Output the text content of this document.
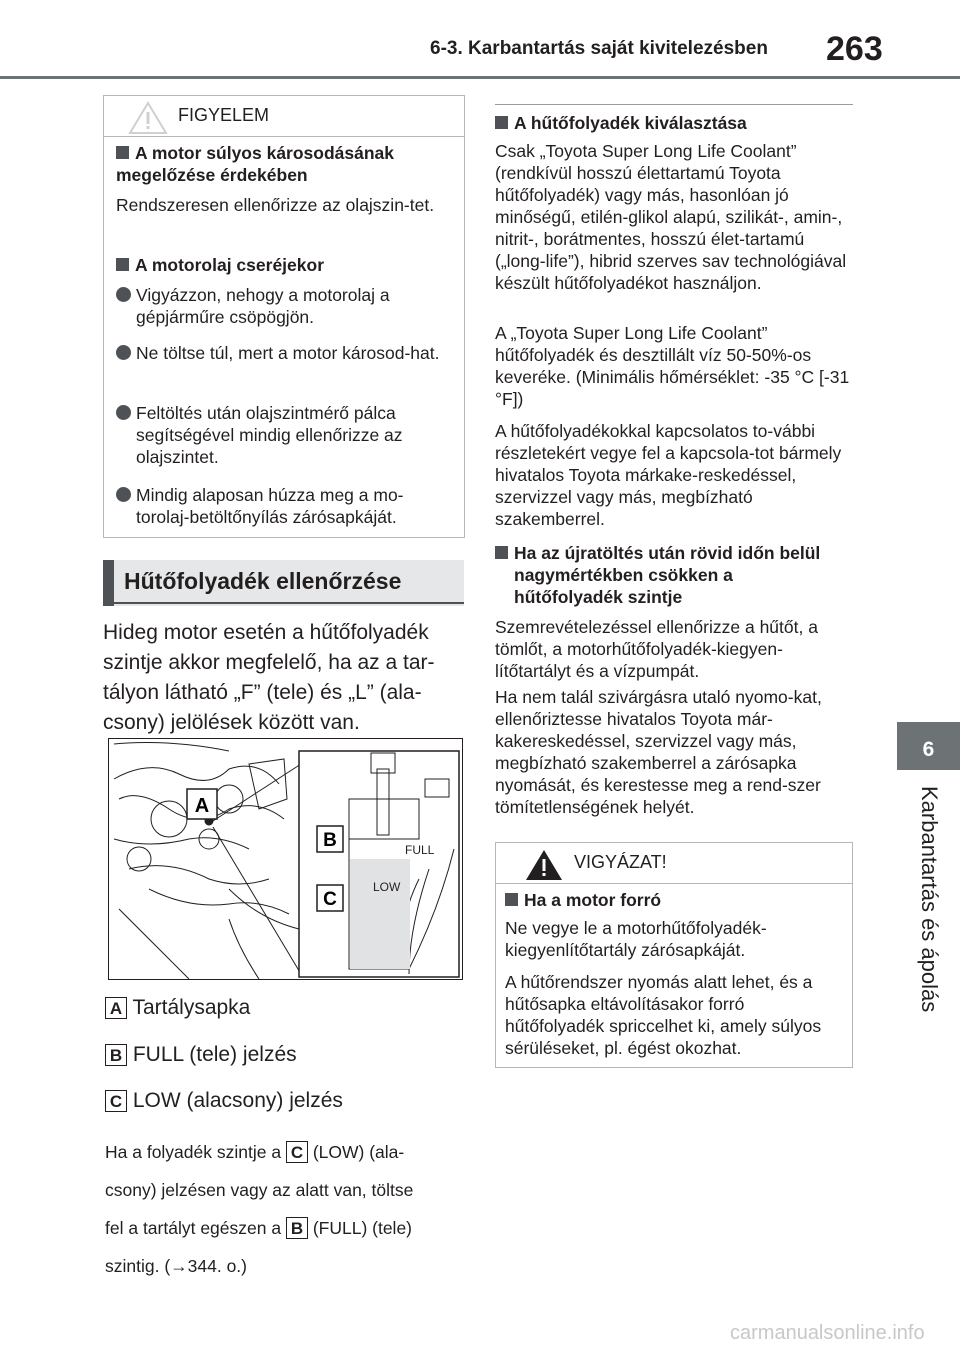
6-3. Karbantartás saját kivitelezésben 263
6
Karbantartás és ápolás
FIGYELEM
A motor súlyos károsodásának megelőzése érdekében
Rendszeresen ellenőrizze az olajszin-tet.
A motorolaj cseréjekor
Vigyázzon, nehogy a motorolaj a gépjárműre csöpögjön.
Ne töltse túl, mert a motor károsod-hat.
Feltöltés után olajszintmérő pálca segítségével mindig ellenőrizze az olajszintet.
Mindig alaposan húzza meg a mo-torolaj-betöltőnyílás zárósapkáját.
Hűtőfolyadék ellenőrzése
Hideg motor esetén a hűtőfolyadék szintje akkor megfelelő, ha az a tar-tályon látható „F” (tele) és „L” (ala-csony) jelölések között van.
A
B
C
FULL
LOW
A Tartálysapka
B FULL (tele) jelzés
C LOW (alacsony) jelzés
Ha a folyadék szintje a C (LOW) (ala-
csony) jelzésen vagy az alatt van, töltse
fel a tartályt egészen a B (FULL) (tele)
szintig. (→344. o.)
A hűtőfolyadék kiválasztása
Csak „Toyota Super Long Life Coolant” (rendkívül hosszú élettartamú Toyota hűtőfolyadék) vagy más, hasonlóan jó minőségű, etilén-glikol alapú, szilikát-, amin-, nitrit-, borátmentes, hosszú élet-tartamú („long-life”), hibrid szerves sav technológiával készült hűtőfolyadékot használjon.
A „Toyota Super Long Life Coolant” hűtőfolyadék és desztillált víz 50-50%-os keveréke. (Minimális hőmérséklet: -35 °C [-31 °F])
A hűtőfolyadékokkal kapcsolatos to-vábbi részletekért vegye fel a kapcsola-tot bármely hivatalos Toyota márkake-reskedéssel, szervizzel vagy más, megbízható szakemberrel.
Ha az újratöltés után rövid időn belül nagymértékben csökken a hűtőfolyadék szintje
Szemrevételezéssel ellenőrizze a hűtőt, a tömlőt, a motorhűtőfolyadék-kiegyen-lítőtartályt és a vízpumpát.
Ha nem talál szivárgásra utaló nyomo-kat, ellenőriztesse hivatalos Toyota már-kakereskedéssel, szervizzel vagy más, megbízható szakemberrel a zárósapka nyomását, és kerestesse meg a rend-szer tömítetlenségének helyét.
VIGYÁZAT!
Ha a motor forró
Ne vegye le a motorhűtőfolyadék-kiegyenlítőtartály zárósapkáját.
A hűtőrendszer nyomás alatt lehet, és a hűtősapka eltávolításakor forró hűtőfolyadék spriccelhet ki, amely súlyos sérüléseket, pl. égést okozhat.
carmanualsonline.info
